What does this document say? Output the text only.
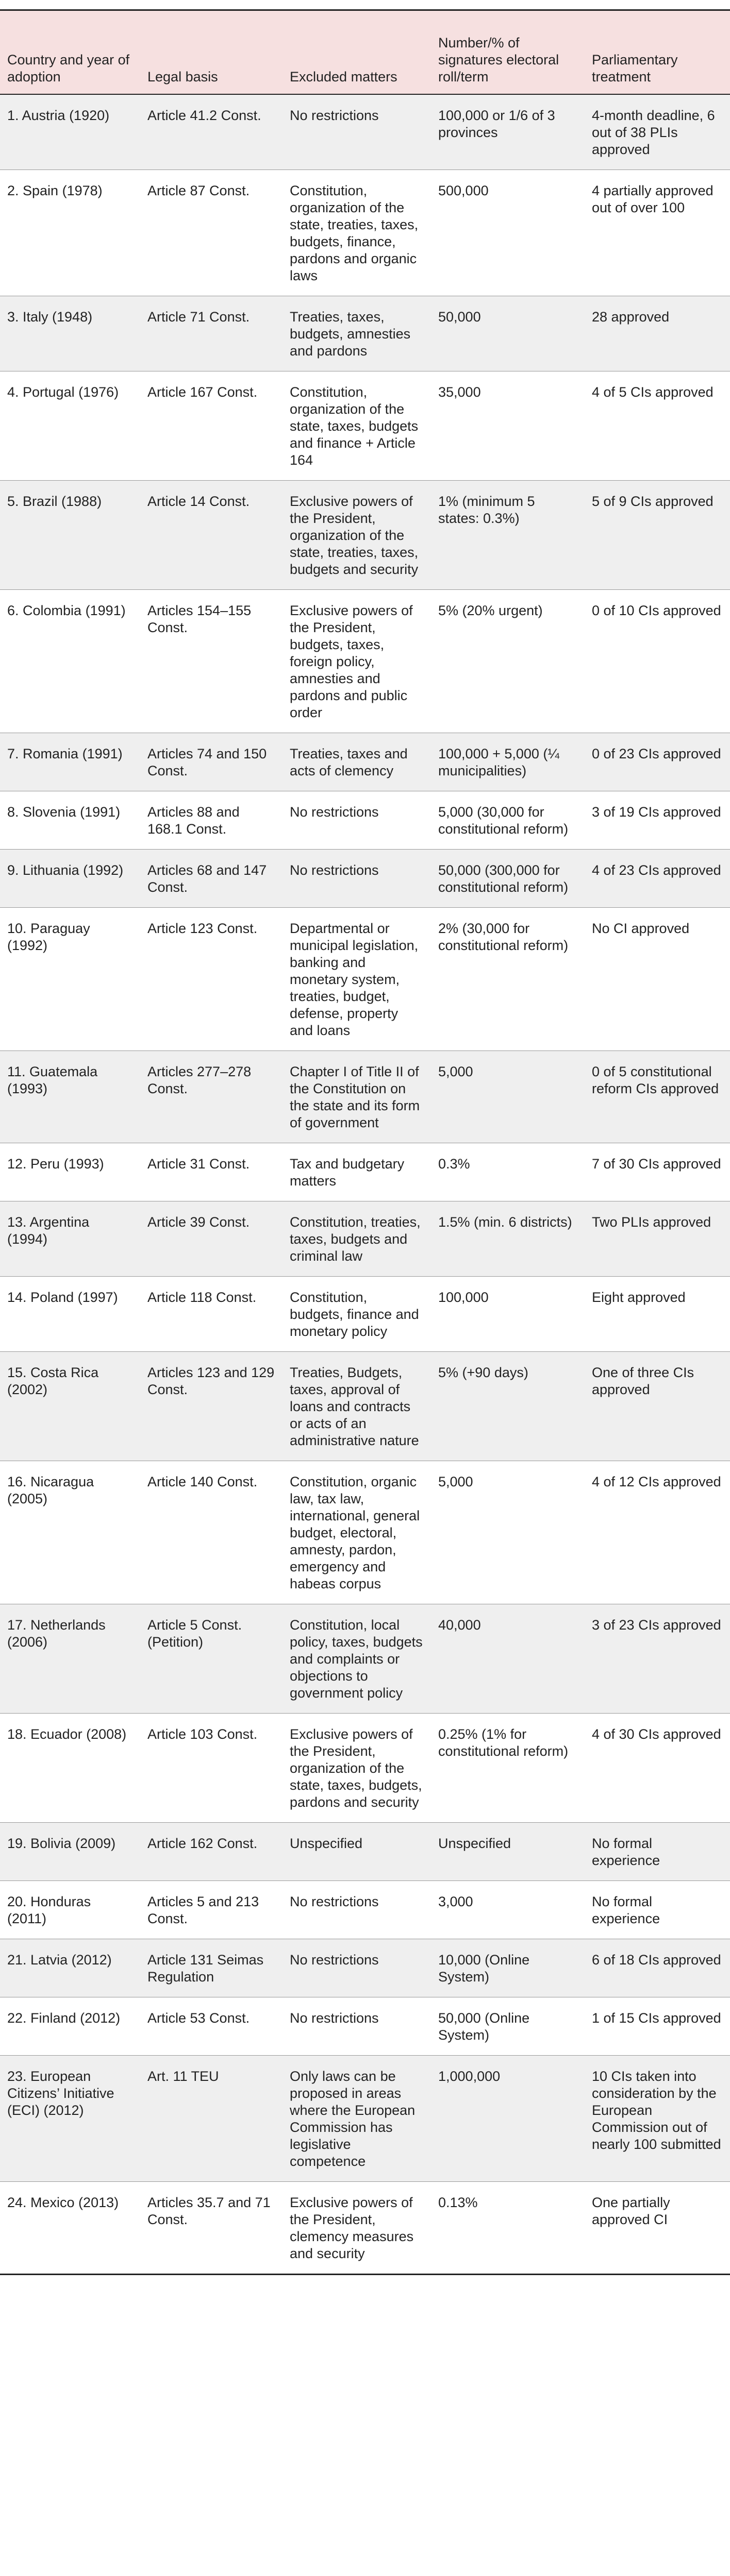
Country and year of adoption	Legal basis	Excluded matters	Number/% of signatures electoral roll/term	Parliamentary treatment
1. Austria (1920)	Article 41.2 Const.	No restrictions	100,000 or 1/6 of 3 provinces	4-month deadline, 6 out of 38 PLIs approved
2. Spain (1978)	Article 87 Const.	Constitution, organization of the state, treaties, taxes, budgets, finance, pardons and organic laws	500,000	4 partially approved out of over 100
3. Italy (1948)	Article 71 Const.	Treaties, taxes, budgets, amnesties and pardons	50,000	28 approved
4. Portugal (1976)	Article 167 Const.	Constitution, organization of the state, taxes, budgets and finance + Article 164	35,000	4 of 5 CIs approved
5. Brazil (1988)	Article 14 Const.	Exclusive powers of the President, organization of the state, treaties, taxes, budgets and security	1% (minimum 5 states: 0.3%)	5 of 9 CIs approved
6. Colombia (1991)	Articles 154–155 Const.	Exclusive powers of the President, budgets, taxes, foreign policy, amnesties and pardons and public order	5% (20% urgent)	0 of 10 CIs approved
7. Romania (1991)	Articles 74 and 150 Const.	Treaties, taxes and acts of clemency	100,000 + 5,000 (¼ municipalities)	0 of 23 CIs approved
8. Slovenia (1991)	Articles 88 and 168.1 Const.	No restrictions	5,000 (30,000 for constitutional reform)	3 of 19 CIs approved
9. Lithuania (1992)	Articles 68 and 147 Const.	No restrictions	50,000 (300,000 for constitutional reform)	4 of 23 CIs approved
10. Paraguay (1992)	Article 123 Const.	Departmental or municipal legislation, banking and monetary system, treaties, budget, defense, property and loans	2% (30,000 for constitutional reform)	No CI approved
11. Guatemala (1993)	Articles 277–278 Const.	Chapter I of Title II of the Constitution on the state and its form of government	5,000	0 of 5 constitutional reform CIs approved
12. Peru (1993)	Article 31 Const.	Tax and budgetary matters	0.3%	7 of 30 CIs approved
13. Argentina (1994)	Article 39 Const.	Constitution, treaties, taxes, budgets and criminal law	1.5% (min. 6 districts)	Two PLIs approved
14. Poland (1997)	Article 118 Const.	Constitution, budgets, finance and monetary policy	100,000	Eight approved
15. Costa Rica (2002)	Articles 123 and 129 Const.	Treaties, Budgets, taxes, approval of loans and contracts or acts of an administrative nature	5% (+90 days)	One of three CIs approved
16. Nicaragua (2005)	Article 140 Const.	Constitution, organic law, tax law, international, general budget, electoral, amnesty, pardon, emergency and habeas corpus	5,000	4 of 12 CIs approved
17. Netherlands (2006)	Article 5 Const. (Petition)	Constitution, local policy, taxes, budgets and complaints or objections to government policy	40,000	3 of 23 CIs approved
18. Ecuador (2008)	Article 103 Const.	Exclusive powers of the President, organization of the state, taxes, budgets, pardons and security	0.25% (1% for constitutional reform)	4 of 30 CIs approved
19. Bolivia (2009)	Article 162 Const.	Unspecified	Unspecified	No formal experience
20. Honduras (2011)	Articles 5 and 213 Const.	No restrictions	3,000	No formal experience
21. Latvia (2012)	Article 131 Seimas Regulation	No restrictions	10,000 (Online System)	6 of 18 CIs approved
22. Finland (2012)	Article 53 Const.	No restrictions	50,000 (Online System)	1 of 15 CIs approved
23. European Citizens’ Initiative (ECI) (2012)	Art. 11 TEU	Only laws can be proposed in areas where the European Commission has legislative competence	1,000,000	10 CIs taken into consideration by the European Commission out of nearly 100 submitted
24. Mexico (2013)	Articles 35.7 and 71 Const.	Exclusive powers of the President, clemency measures and security	0.13%	One partially approved CI
